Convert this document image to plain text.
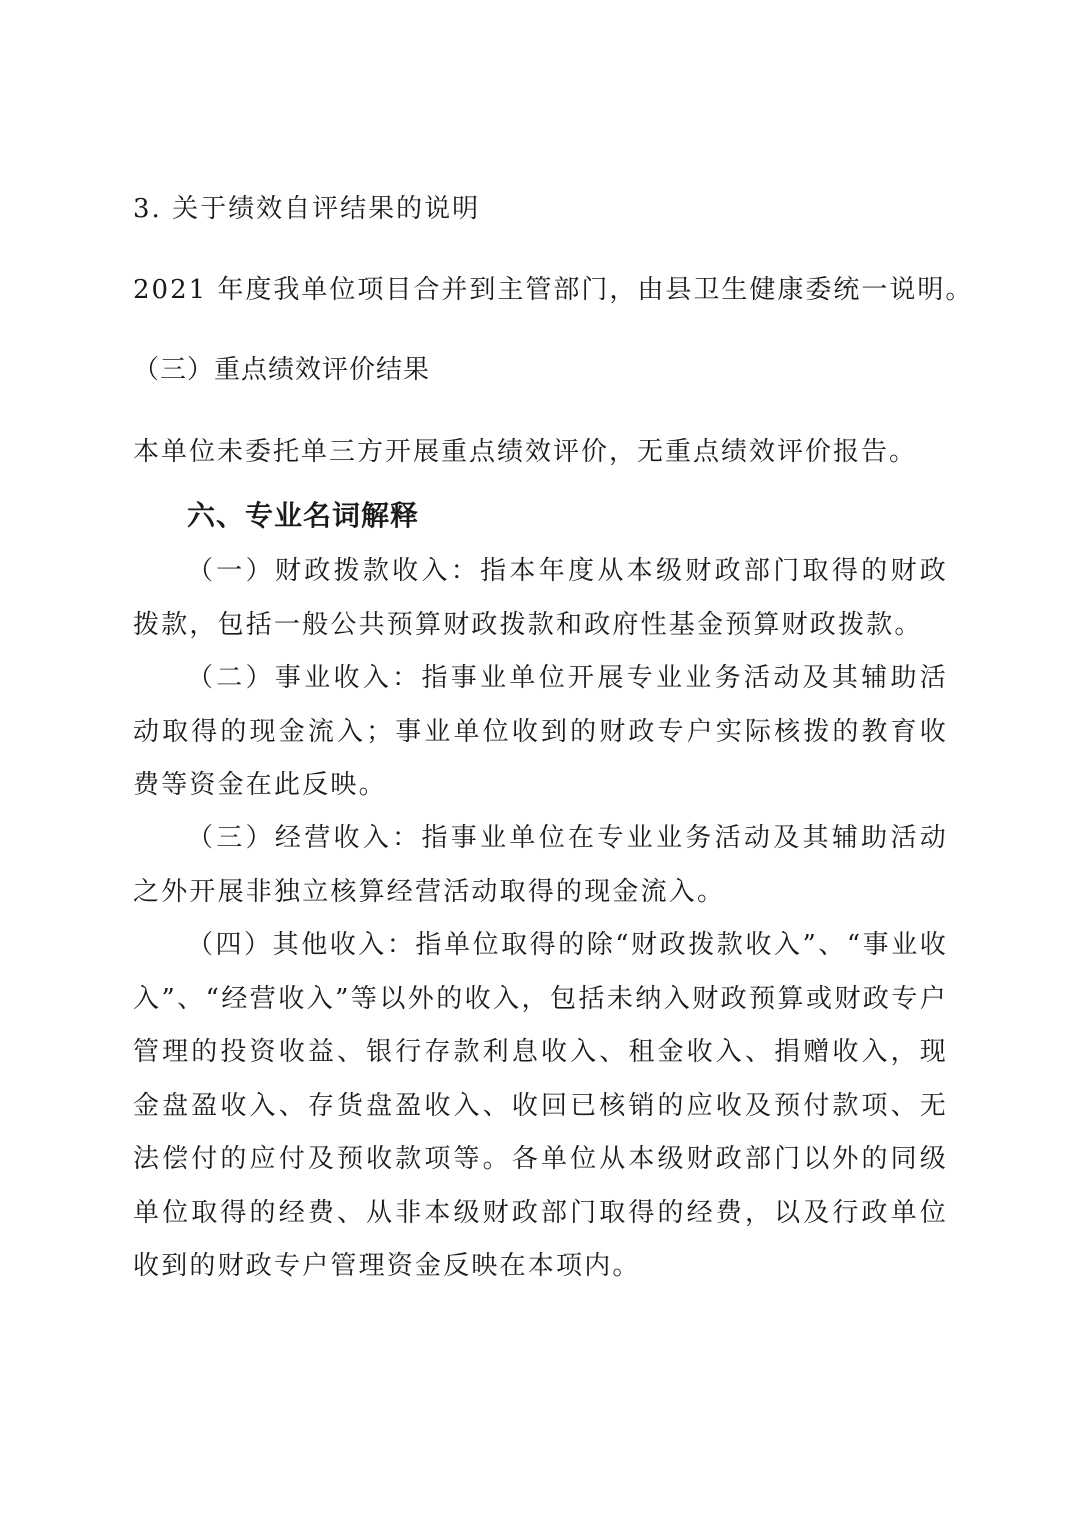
3. 关于绩效自评结果的说明
2021 年度我单位项目合并到主管部门，由县卫生健康委统一说明。
（三）重点绩效评价结果
本单位未委托单三方开展重点绩效评价，无重点绩效评价报告。
六、专业名词解释
（一）财政拨款收入：指本年度从本级财政部门取得的财政拨款，包括一般公共预算财政拨款和政府性基金预算财政拨款。
（二）事业收入：指事业单位开展专业业务活动及其辅助活动取得的现金流入；事业单位收到的财政专户实际核拨的教育收费等资金在此反映。
（三）经营收入：指事业单位在专业业务活动及其辅助活动之外开展非独立核算经营活动取得的现金流入。
（四）其他收入：指单位取得的除“财政拨款收入”、“事业收入”、“经营收入”等以外的收入，包括未纳入财政预算或财政专户管理的投资收益、银行存款利息收入、租金收入、捐赠收入，现金盘盈收入、存货盘盈收入、收回已核销的应收及预付款项、无法偿付的应付及预收款项等。各单位从本级财政部门以外的同级单位取得的经费、从非本级财政部门取得的经费，以及行政单位收到的财政专户管理资金反映在本项内。
